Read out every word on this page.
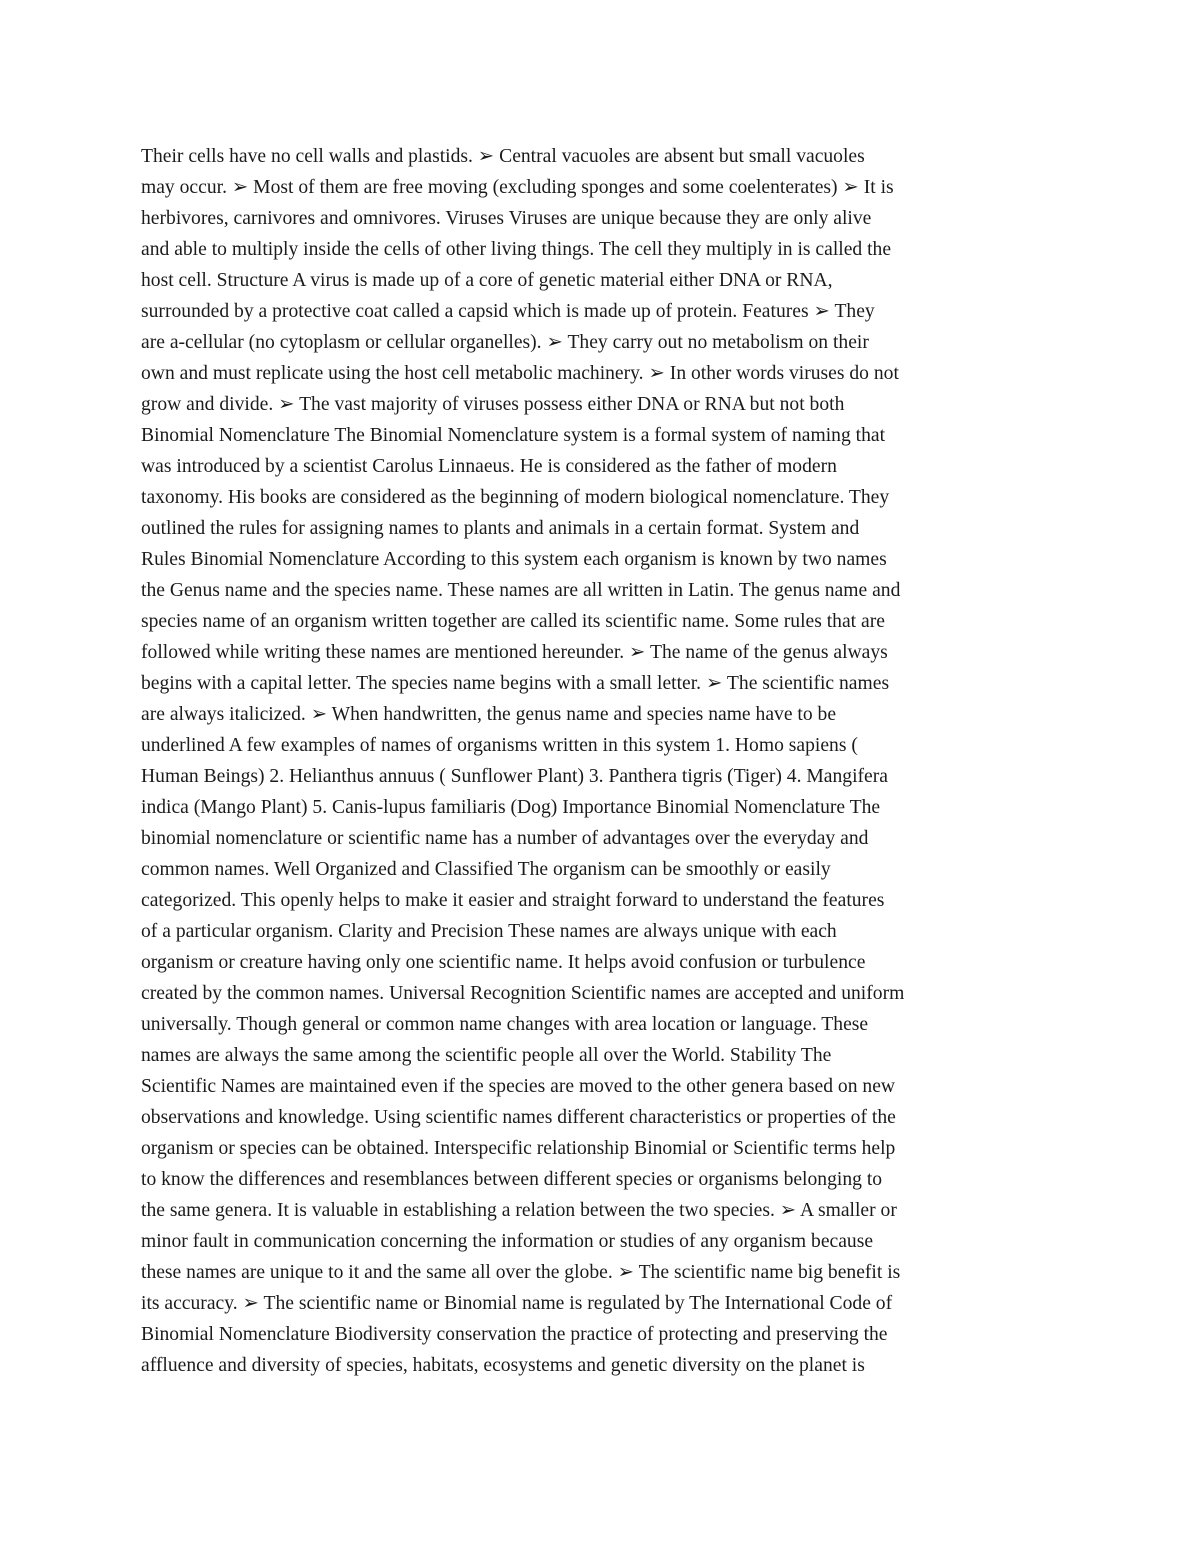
Their cells have no cell walls and plastids. ➢ Central vacuoles are absent but small vacuoles
may occur. ➢ Most of them are free moving (excluding sponges and some coelenterates) ➢ It is
herbivores, carnivores and omnivores. Viruses Viruses are unique because they are only alive
and able to multiply inside the cells of other living things. The cell they multiply in is called the
host cell. Structure A virus is made up of a core of genetic material either DNA or RNA,
surrounded by a protective coat called a capsid which is made up of protein. Features ➢ They
are a-cellular (no cytoplasm or cellular organelles). ➢ They carry out no metabolism on their
own and must replicate using the host cell metabolic machinery. ➢ In other words viruses do not
grow and divide. ➢ The vast majority of viruses possess either DNA or RNA but not both
Binomial Nomenclature The Binomial Nomenclature system is a formal system of naming that
was introduced by a scientist Carolus Linnaeus. He is considered as the father of modern
taxonomy. His books are considered as the beginning of modern biological nomenclature. They
outlined the rules for assigning names to plants and animals in a certain format. System and
Rules Binomial Nomenclature According to this system each organism is known by two names
the Genus name and the species name. These names are all written in Latin. The genus name and
species name of an organism written together are called its scientific name. Some rules that are
followed while writing these names are mentioned hereunder. ➢ The name of the genus always
begins with a capital letter. The species name begins with a small letter. ➢ The scientific names
are always italicized. ➢ When handwritten, the genus name and species name have to be
underlined A few examples of names of organisms written in this system 1. Homo sapiens (
Human Beings) 2. Helianthus annuus ( Sunflower Plant) 3. Panthera tigris (Tiger) 4. Mangifera
indica (Mango Plant) 5. Canis-lupus familiaris (Dog) Importance Binomial Nomenclature The
binomial nomenclature or scientific name has a number of advantages over the everyday and
common names. Well Organized and Classified The organism can be smoothly or easily
categorized. This openly helps to make it easier and straight forward to understand the features
of a particular organism. Clarity and Precision These names are always unique with each
organism or creature having only one scientific name. It helps avoid confusion or turbulence
created by the common names. Universal Recognition Scientific names are accepted and uniform
universally. Though general or common name changes with area location or language. These
names are always the same among the scientific people all over the World. Stability The
Scientific Names are maintained even if the species are moved to the other genera based on new
observations and knowledge. Using scientific names different characteristics or properties of the
organism or species can be obtained. Interspecific relationship Binomial or Scientific terms help
to know the differences and resemblances between different species or organisms belonging to
the same genera. It is valuable in establishing a relation between the two species. ➢ A smaller or
minor fault in communication concerning the information or studies of any organism because
these names are unique to it and the same all over the globe. ➢ The scientific name big benefit is
its accuracy. ➢ The scientific name or Binomial name is regulated by The International Code of
Binomial Nomenclature Biodiversity conservation the practice of protecting and preserving the
affluence and diversity of species, habitats, ecosystems and genetic diversity on the planet is
